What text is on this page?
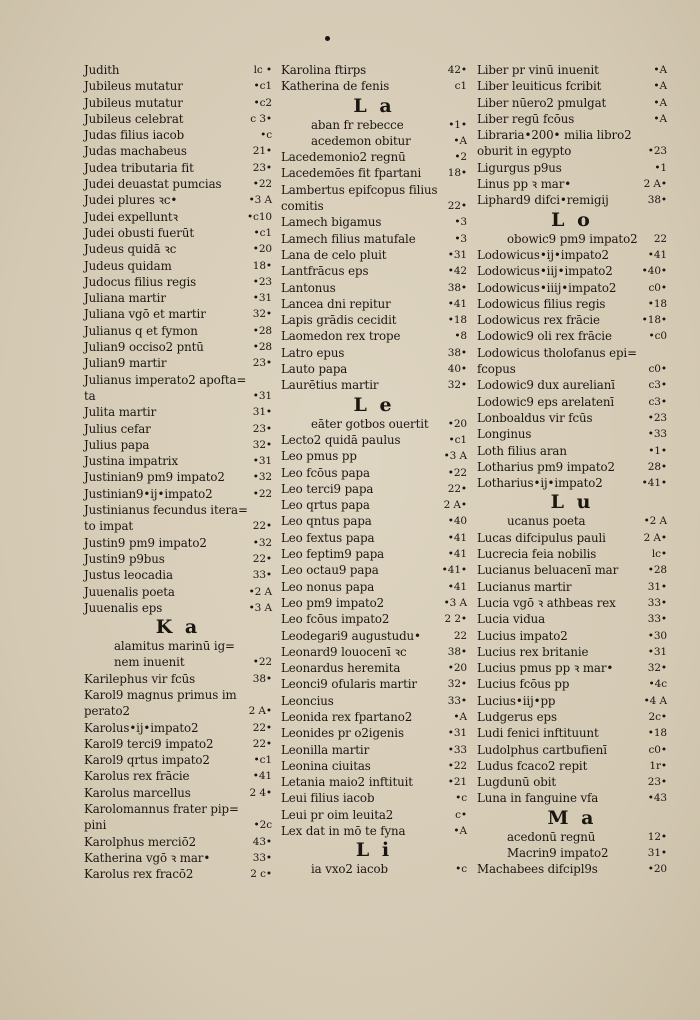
Judith	lc •
Jubileus mutatur	•c1
Jubileus mutatur	•c2
Jubileus celebrat	c 3•
Judas filius iacob	•c
Judas machabeus	21•
Judea tributaria fit	23•
Judei deuastat pumcias	•22
Judei plures ꝛc•	•3 A
Judei expelluntꝛ	•c10
Judei obusti fuerūt	•c1
Judeus quidā ꝛc	•20
Judeus quidam	18•
Judocus filius regis	•23
Juliana martir	•31
Juliana vgō et martir	32•
Julianus q et fymon	•28
Julian9 occiso2 pntū	•28
Julian9 martir	23•
Julianus imperato2 apofta=
ta	•31
Julita martir	31•
Julius cefar	23•
Julius papa	32•
Justina impatrix	•31
Justinian9 pm9 impato2	•32
Justinian9•ij•impato2	•22
Justinianus fecundus itera=
to impat	22•
Justin9 pm9 impato2	•32
Justin9 p9bus	22•
Justus leocadia	33•
Juuenalis poeta	•2 A
Juuenalis eps	•3 A
K a
alamitus marinū ig=
nem inuenit	•22
Karilephus vir fcūs	38•
Karol9 magnus primus im
perato2	2 A•
Karolus•ij•impato2	22•
Karol9 terci9 impato2	22•
Karol9 qrtus impato2	•c1
Karolus rex frācie	•41
Karolus marcellus	2 4•
Karolomannus frater pip=
pini	•2c
Karolphus merciō2	43•
Katherina vgō ꝛ mar•	33•
Karolus rex fracō2	2 c•
Karolina ftirps	42•
Katherina de fenis	c1
L a
aban fr rebecce	•1•
acedemon obitur	•A
Lacedemonio2 regnū	•2
Lacedemōes fit fpartani	18•
Lambertus epifcopus filius
comitis	22•
Lamech bigamus	•3
Lamech filius matufale	•3
Lana de celo pluit	•31
Lantfrācus eps	•42
Lantonus	38•
Lancea dni repitur	•41
Lapis grādis cecidit	•18
Laomedon rex trope	•8
Latro epus	38•
Lauto papa	40•
Laurētius martir	32•
L e
eāter gotbos ouertit •20
Lecto2 quidā paulus	•c1
Leo pmus pp	•3 A
Leo fcōus papa	•22
Leo terci9 papa	22•
Leo qrtus papa	2 A•
Leo qntus papa	•40
Leo fextus papa	•41
Leo feptim9 papa	•41
Leo octau9 papa	•41•
Leo nonus papa	•41
Leo pm9 impato2	•3 A
Leo fcōus impato2	2 2•
Leodegari9 augustudu•	22
Leonard9 louocenī ꝛc	38•
Leonardus heremita	•20
Leonci9 ofularis martir	32•
Leoncius	33•
Leonida rex fpartano2	•A
Leonides pr o2igenis	•31
Leonilla martir	•33
Leonina ciuitas	•22
Letania maio2 inftituit	•21
Leui filius iacob	•c
Leui pr oim leuita2	c•
Lex dat in mō te fyna	•A
L i
ia vxo2 iacob	•c
Liber pr vinū inuenit	•A
Liber leuiticus fcribit	•A
Liber nūero2 pmulgat	•A
Liber regū fcōus	•A
Libraria•200• milia libro2
oburit in egypto	•23
Ligurgus p9us	•1
Linus pp ꝛ mar•	2 A•
Liphard9 difci•remigij	38•
L o
obowic9 pm9 impato2 22
Lodowicus•ij•impato2	•41
Lodowicus•iij•impato2	•40•
Lodowicus•iiij•impato2	c0•
Lodowicus filius regis	•18
Lodowicus rex frācie	•18•
Lodowic9 oli rex frācie	•c0
Lodowicus tholofanus epi=
fcopus	c0•
Lodowic9 dux aurelianī	c3•
Lodowic9 eps arelatenī	c3•
Lonboaldus vir fcūs	•23
Longinus	•33
Loth filius aran	•1•
Lotharius pm9 impato2	28•
Lotharius•ij•impato2	•41•
L u
ucanus poeta	•2 A
Lucas difcipulus pauli	2 A•
Lucrecia feia nobilis	lc•
Lucianus beluacenī mar	•28
Lucianus martir	31•
Lucia vgō ꝛ athbeas rex	33•
Lucia vidua	33•
Lucius impato2	•30
Lucius rex britanie	•31
Lucius pmus pp ꝛ mar•	32•
Lucius fcōus pp	•4c
Lucius•iij•pp	•4 A
Ludgerus eps	2c•
Ludi fenici inftituunt	•18
Ludolphus cartbufienī	c0•
Ludus fcaco2 repit	1r•
Lugdunū obit	23•
Luna in fanguine vfa	•43
M a
acedonū regnū	12•
Macrin9 impato2	31•
Machabees difcipl9s	•20
